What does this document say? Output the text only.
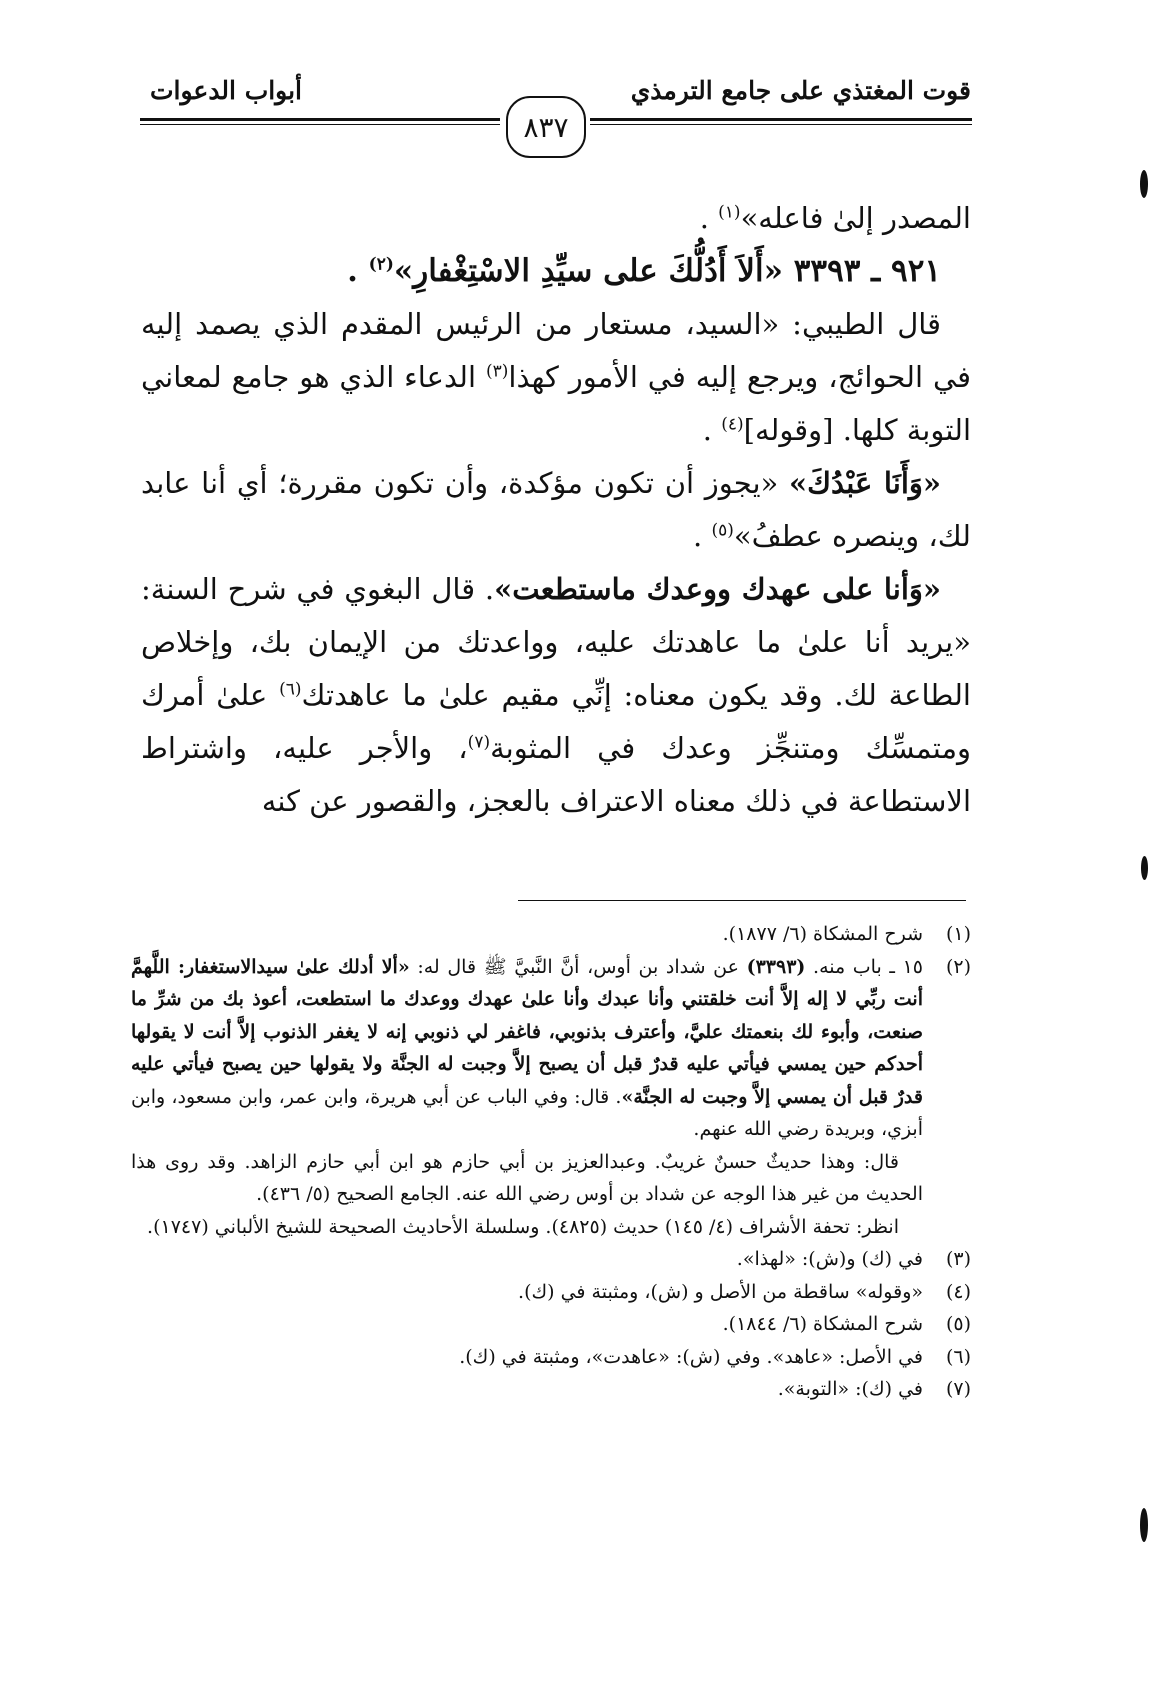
قوت المغتذي على جامع الترمذي
أبواب الدعوات
٨٣٧

المصدر إلىٰ فاعله»$^{(١)}$ .

٩٢١ ـ ٣٣٩٣ «أَلاَ أَدُلُّكَ على سيِّدِ الاسْتِغْفارِ»$^{(٢)}$ .

قال الطيبي: «السيد، مستعار من الرئيس المقدم الذي يصمد إليه في الحوائج، ويرجع إليه في الأمور كهذا$^{(٣)}$ الدعاء الذي هو جامع لمعاني التوبة كلها. [وقوله]$^{(٤)}$ .

«وَأَنَا عَبْدُكَ» «يجوز أن تكون مؤكدة، وأن تكون مقررة؛ أي أنا عابد لك، وينصره عطفُ»$^{(٥)}$ .

«وَأنا على عهدك ووعدك ماستطعت». قال البغوي في شرح السنة: «يريد أنا علىٰ ما عاهدتك عليه، وواعدتك من الإيمان بك، وإخلاص الطاعة لك. وقد يكون معناه: إنِّي مقيم علىٰ ما عاهدتك$^{(٦)}$ علىٰ أمرك ومتمسِّك ومتنجِّز وعدك في المثوبة$^{(٧)}$، والأجر عليه، واشتراط الاستطاعة في ذلك معناه الاعتراف بالعجز، والقصور عن كنه

(١)
شرح المشكاة (٦/ ١٨٧٧).

(٢)
١٥ ـ باب منه. (٣٣٩٣) عن شداد بن أوس، أنَّ النَّبيَّ ﷺ قال له: «ألا أدلك علىٰ سيدالاستغفار: اللَّهمَّ أنت ربِّي لا إله إلاَّ أنت خلقتني وأنا عبدك وأنا علىٰ عهدك ووعدك ما استطعت، أعوذ بك من شرِّ ما صنعت، وأبوء لك بنعمتك عليَّ، وأعترف بذنوبي، فاغفر لي ذنوبي إنه لا يغفر الذنوب إلاَّ أنت لا يقولها أحدكم حين يمسي فيأتي عليه قدرٌ قبل أن يصبح إلاَّ وجبت له الجنَّة ولا يقولها حين يصبح فيأتي عليه قدرٌ قبل أن يمسي إلاَّ وجبت له الجنَّة». قال: وفي الباب عن أبي هريرة، وابن عمر، وابن مسعود، وابن أبزي، وبريدة رضي الله عنهم.

قال: وهذا حديثٌ حسنٌ غريبٌ. وعبدالعزيز بن أبي حازم هو ابن أبي حازم الزاهد. وقد روى هذا الحديث من غير هذا الوجه عن شداد بن أوس رضي الله عنه. الجامع الصحيح (٥/ ٤٣٦).

انظر: تحفة الأشراف (٤/ ١٤٥) حديث (٤٨٢٥). وسلسلة الأحاديث الصحيحة للشيخ الألباني (١٧٤٧).

(٣)
في (ك) و(ش): «لهذا».

(٤)
«وقوله» ساقطة من الأصل و (ش)، ومثبتة في (ك).

(٥)
شرح المشكاة (٦/ ١٨٤٤).

(٦)
في الأصل: «عاهد». وفي (ش): «عاهدت»، ومثبتة في (ك).

(٧)
في (ك): «التوبة».
